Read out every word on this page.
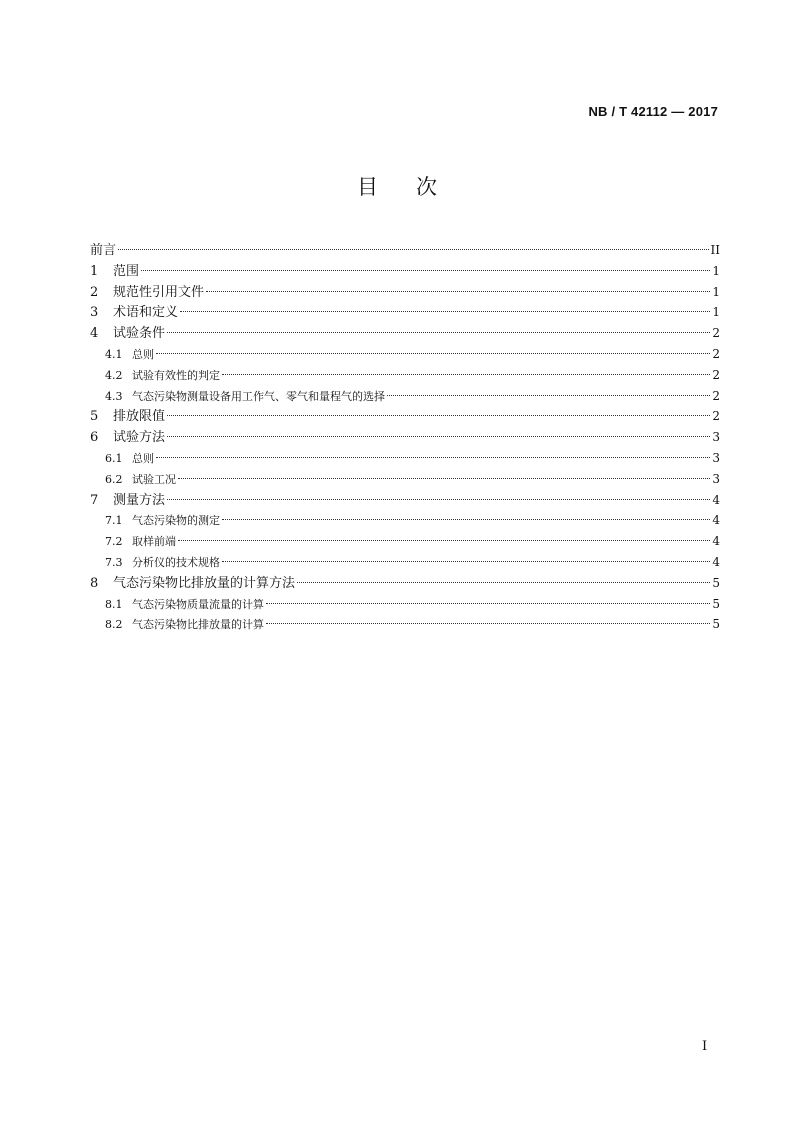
NB / T 42112 — 2017
目次
前言	II
1	范围	1
2	规范性引用文件	1
3	术语和定义	1
4	试验条件	2
4.1 总则	2
4.2 试验有效性的判定	2
4.3 气态污染物测量设备用工作气、零气和量程气的选择	2
5	排放限值	2
6	试验方法	3
6.1 总则	3
6.2 试验工况	3
7	测量方法	4
7.1 气态污染物的测定	4
7.2 取样前端	4
7.3 分析仪的技术规格	4
8	气态污染物比排放量的计算方法	5
8.1 气态污染物质量流量的计算	5
8.2 气态污染物比排放量的计算	5
I
